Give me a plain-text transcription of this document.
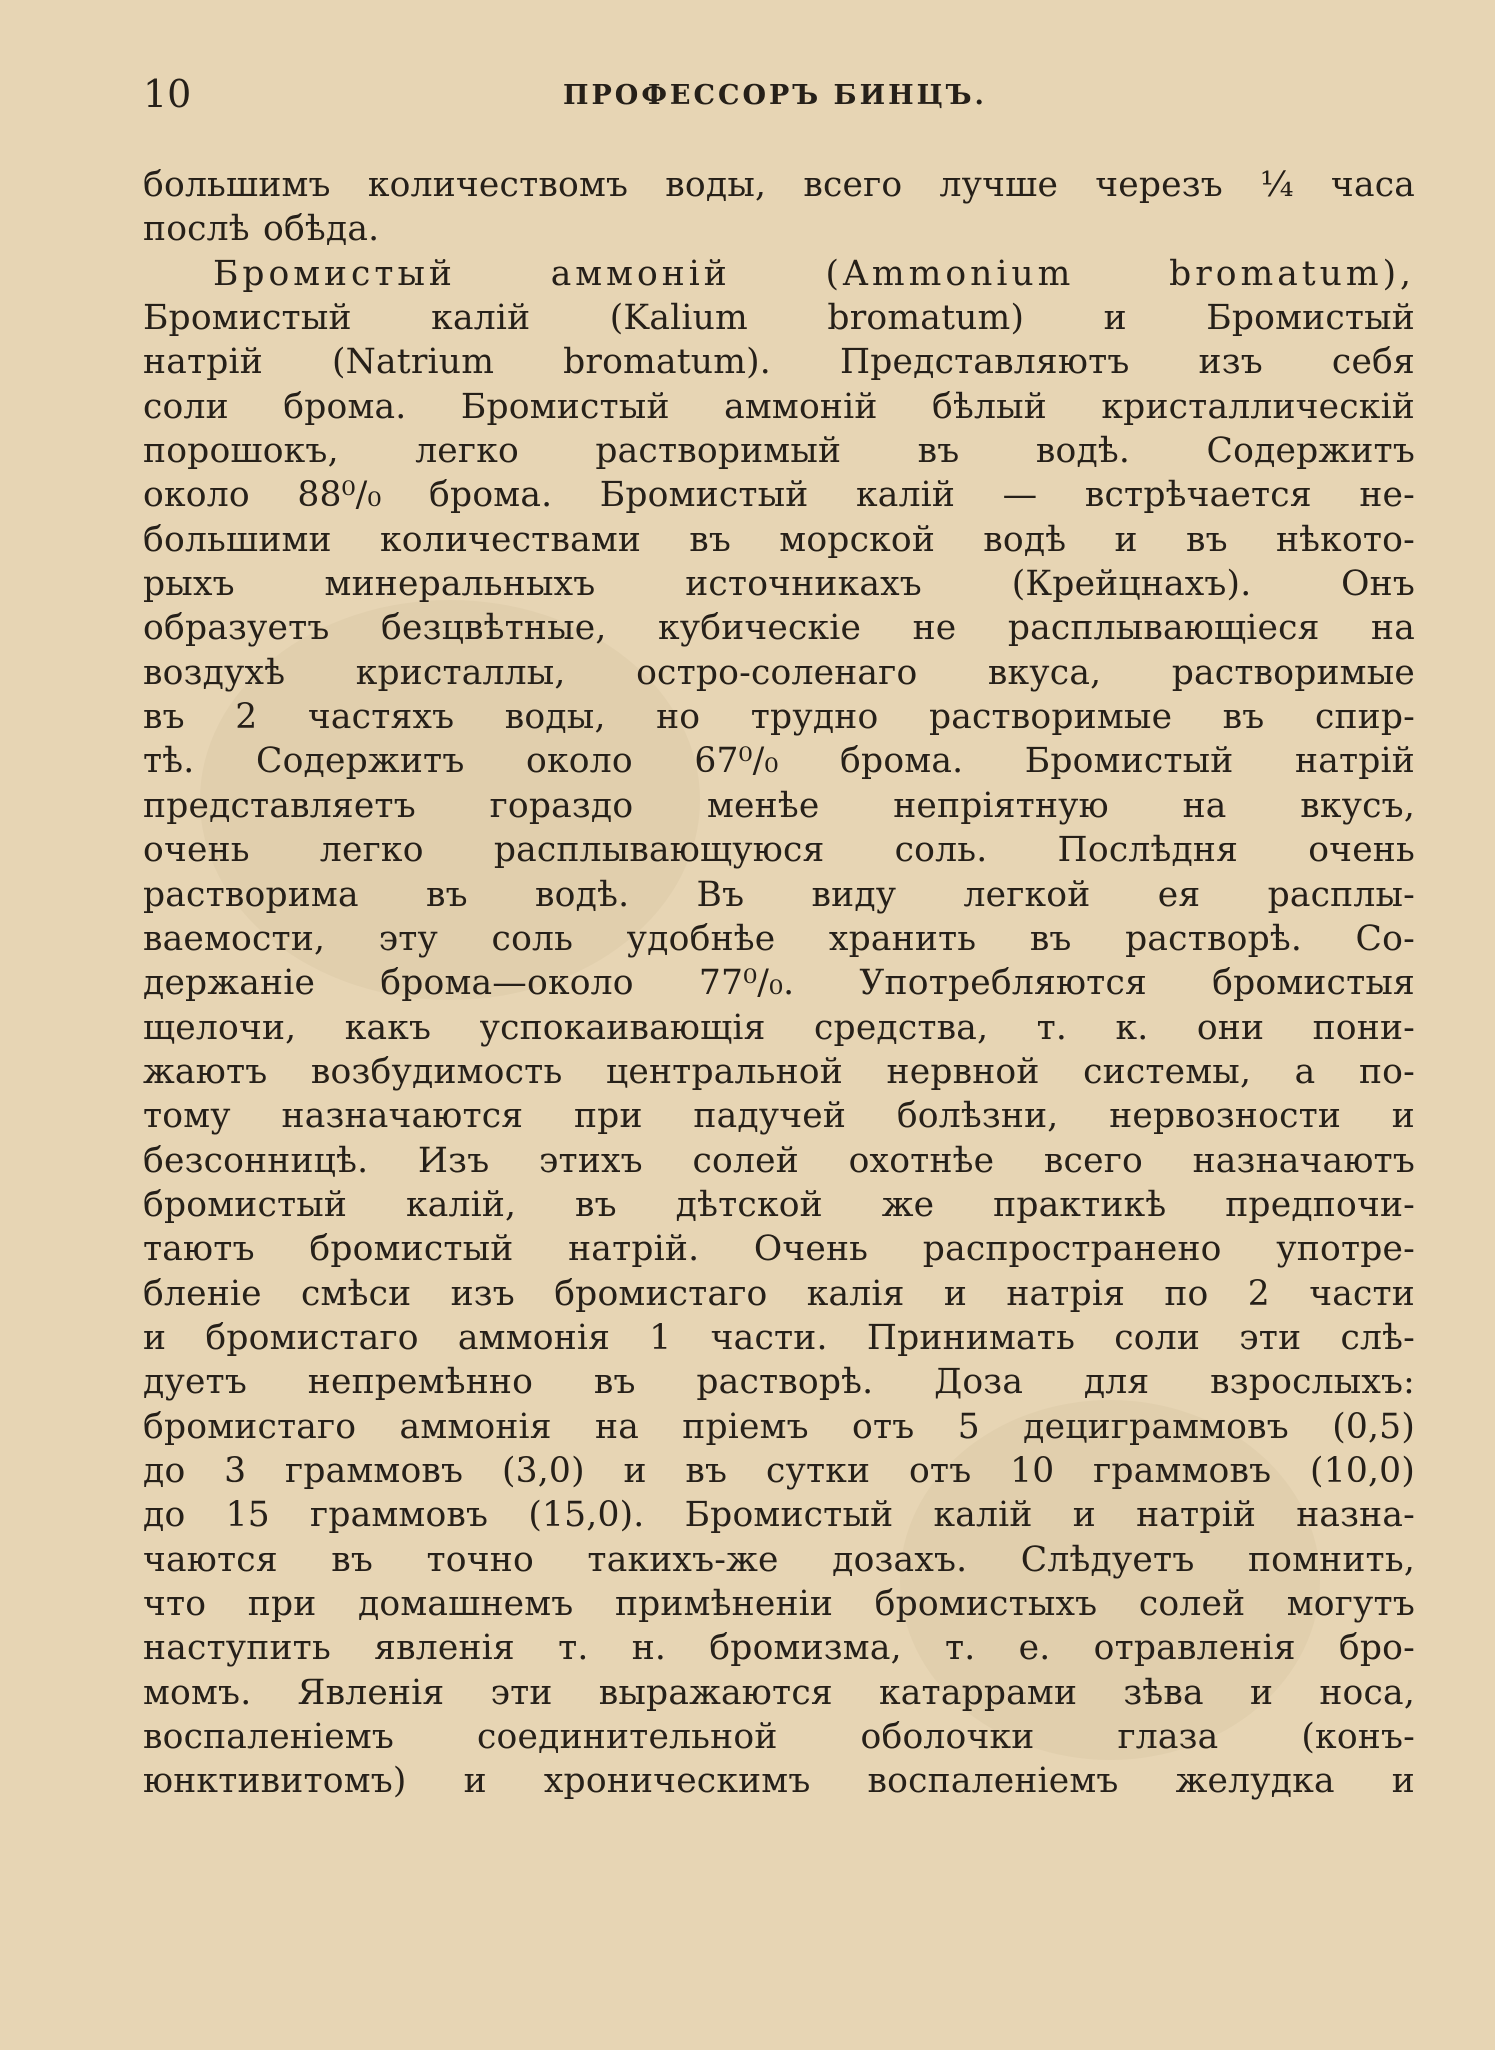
10	ПРОФЕССОРЪ БИНЦЪ.
большимъ количествомъ воды, всего лучше черезъ ¼ часа
послѣ обѣда.
Бромистый аммоній (Ammonium bromatum),
Бромистый калій (Kalium bromatum) и Бромистый
натрій (Natrium bromatum). Представляютъ изъ себя
соли брома. Бромистый аммоній бѣлый кристаллическій
порошокъ, легко растворимый въ водѣ. Содержитъ
около 88⁰/₀ брома. Бромистый калій — встрѣчается не-
большими количествами въ морской водѣ и въ нѣкото-
рыхъ минеральныхъ источникахъ (Крейцнахъ). Онъ
образуетъ безцвѣтные, кубическіе не расплывающіеся на
воздухѣ кристаллы, остро-соленаго вкуса, растворимые
въ 2 частяхъ воды, но трудно растворимые въ спир-
тѣ. Содержитъ около 67⁰/₀ брома. Бромистый натрій
представляетъ гораздо менѣе непріятную на вкусъ,
очень легко расплывающуюся соль. Послѣдня очень
растворима въ водѣ. Въ виду легкой ея расплы-
ваемости, эту соль удобнѣе хранить въ растворѣ. Со-
держаніе брома—около 77⁰/₀. Употребляются бромистыя
щелочи, какъ успокаивающія средства, т. к. они пони-
жаютъ возбудимость центральной нервной системы, а по-
тому назначаются при падучей болѣзни, нервозности и
безсонницѣ. Изъ этихъ солей охотнѣе всего назначаютъ
бромистый калій, въ дѣтской же практикѣ предпочи-
таютъ бромистый натрій. Очень распространено употре-
бленіе смѣси изъ бромистаго калія и натрія по 2 части
и бромистаго аммонія 1 части. Принимать соли эти слѣ-
дуетъ непремѣнно въ растворѣ. Доза для взрослыхъ:
бромистаго аммонія на пріемъ отъ 5 дециграммовъ (0,5)
до 3 граммовъ (3,0) и въ сутки отъ 10 граммовъ (10,0)
до 15 граммовъ (15,0). Бромистый калій и натрій назна-
чаются въ точно такихъ-же дозахъ. Слѣдуетъ помнить,
что при домашнемъ примѣненіи бромистыхъ солей могутъ
наступить явленія т. н. бромизма, т. е. отравленія бро-
момъ. Явленія эти выражаются катаррами зѣва и носа,
воспаленіемъ соединительной оболочки глаза (конъ-
юнктивитомъ) и хроническимъ воспаленіемъ желудка и
